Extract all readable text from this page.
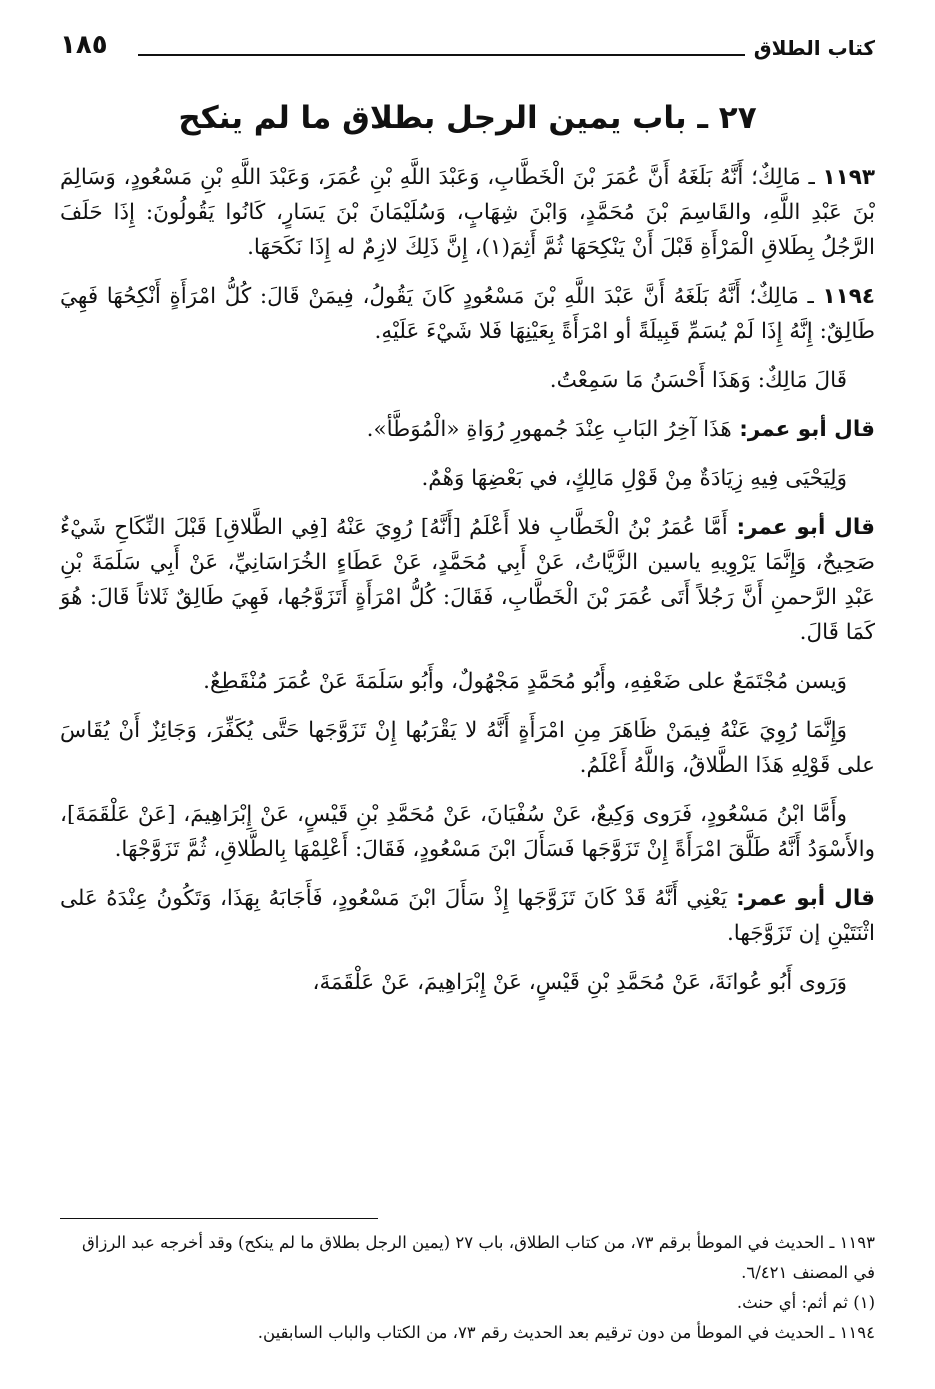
كتاب الطلاق
١٨٥
٢٧ ـ باب يمين الرجل بطلاق ما لم ينكح

١١٩٣ ـ مَالِكٌ؛ أَنَّهُ بَلَغَهُ أَنَّ عُمَرَ بْنَ الْخَطَّابِ، وَعَبْدَ اللَّهِ بْنِ عُمَرَ، وَعَبْدَ اللَّهِ بْنِ مَسْعُودٍ، وَسَالِمَ بْنَ عَبْدِ اللَّهِ، والقَاسِمَ بْنَ مُحَمَّدٍ، وَابْنَ شِهَابٍ، وَسُلَيْمَانَ بْنَ يَسَارٍ، كَانُوا يَقُولُونَ: إِذَا حَلَفَ الرَّجُلُ بِطَلاقِ الْمَرْأَةِ قَبْلَ أَنْ يَنْكِحَهَا ثُمَّ أَثِمَ(١)، إِنَّ ذَلِكَ لازِمٌ له إِذَا نَكَحَهَا.

١١٩٤ ـ مَالِكٌ؛ أَنَّهُ بَلَغَهُ أَنَّ عَبْدَ اللَّهِ بْنَ مَسْعُودٍ كَانَ يَقُولُ، فِيمَنْ قَالَ: كُلُّ امْرَأَةٍ أَنْكِحُهَا فَهِيَ طَالِقٌ: إِنَّهُ إِذَا لَمْ يُسَمِّ قَبِيلَةً أو امْرَأَةً بِعَيْنِهَا فَلا شَيْءَ عَلَيْهِ.

قَالَ مَالِكٌ: وَهَذَا أَحْسَنُ مَا سَمِعْتُ.

قال أبو عمر: هَذَا آخِرُ البَابِ عِنْدَ جُمهورِ رُوَاةِ «الْمُوَطَّأ».

وَلِيَحْيَى فِيهِ زِيَادَةٌ مِنْ قَوْلِ مَالِكٍ، في بَعْضِهَا وَهْمٌ.

قال أبو عمر: أَمَّا عُمَرُ بْنُ الْخَطَّابِ فلا أَعْلَمُ [أَنَّهُ] رُوِيَ عَنْهُ [فِي الطَّلاقِ] قَبْلَ النِّكَاحِ شَيْءٌ صَحِيحٌ، وَإِنَّمَا يَرْوِيهِ ياسين الزَّيَّاتُ، عَنْ أَبِي مُحَمَّدٍ، عَنْ عَطَاءٍ الخُرَاسَانِيِّ، عَنْ أَبِي سَلَمَةَ بْنِ عَبْدِ الرَّحمنِ أَنَّ رَجُلاً أَتَى عُمَرَ بْنَ الْخَطَّابِ، فَقَالَ: كُلُّ امْرَأَةٍ أَتَزَوَّجُها، فَهِيَ طَالِقٌ ثَلاثاً قَالَ: هُوَ كَمَا قَالَ.

وَيسن مُجْتَمَعٌ على ضَعْفِهِ، وأَبُو مُحَمَّدٍ مَجْهُولٌ، وأَبُو سَلَمَةَ عَنْ عُمَرَ مُنْقَطِعٌ.

وَإِنَّمَا رُوِيَ عَنْهُ فِيمَنْ ظَاهَرَ مِنِ امْرَأَةٍ أَنَّهُ لا يَقْرَبُها إِنْ تَزَوَّجَها حَتَّى يُكَفِّرَ، وَجَائِزٌ أَنْ يُقَاسَ على قَوْلِهِ هَذَا الطَّلاقُ، وَاللَّهُ أَعْلَمُ.

وأَمَّا ابْنُ مَسْعُودٍ، فَرَوى وَكِيعٌ، عَنْ سُفْيَانَ، عَنْ مُحَمَّدِ بْنِ قَيْسٍ، عَنْ إِبْرَاهِيمَ، [عَنْ عَلْقَمَةَ]، والأَسْوَدُ أَنَّهُ طَلَّقَ امْرَأَةً إِنْ تَزَوَّجَها فَسَأَلَ ابْنَ مَسْعُودٍ، فَقَالَ: أَعْلِمْهَا بِالطَّلاقِ، ثُمَّ تَزَوَّجْهَا.

قال أبو عمر: يَعْنِي أَنَّهُ قَدْ كَانَ تَزَوَّجَها إِذْ سَأَلَ ابْنَ مَسْعُودٍ، فَأَجَابَهُ بِهَذَا، وَتَكُونُ عِنْدَهُ عَلى اثْنَتَيْنِ إن تَزَوَّجَها.

وَرَوى أَبُو عُوانَةَ، عَنْ مُحَمَّدِ بْنِ قَيْسٍ، عَنْ إِبْرَاهِيمَ، عَنْ عَلْقَمَةَ،

١١٩٣ ـ الحديث في الموطأ برقم ٧٣، من كتاب الطلاق، باب ٢٧ (يمين الرجل بطلاق ما لم ينكح) وقد أخرجه عبد الرزاق في المصنف ٦/٤٢١.

(١) ثم أثم: أي حنث.

١١٩٤ ـ الحديث في الموطأ من دون ترقيم بعد الحديث رقم ٧٣، من الكتاب والباب السابقين.
